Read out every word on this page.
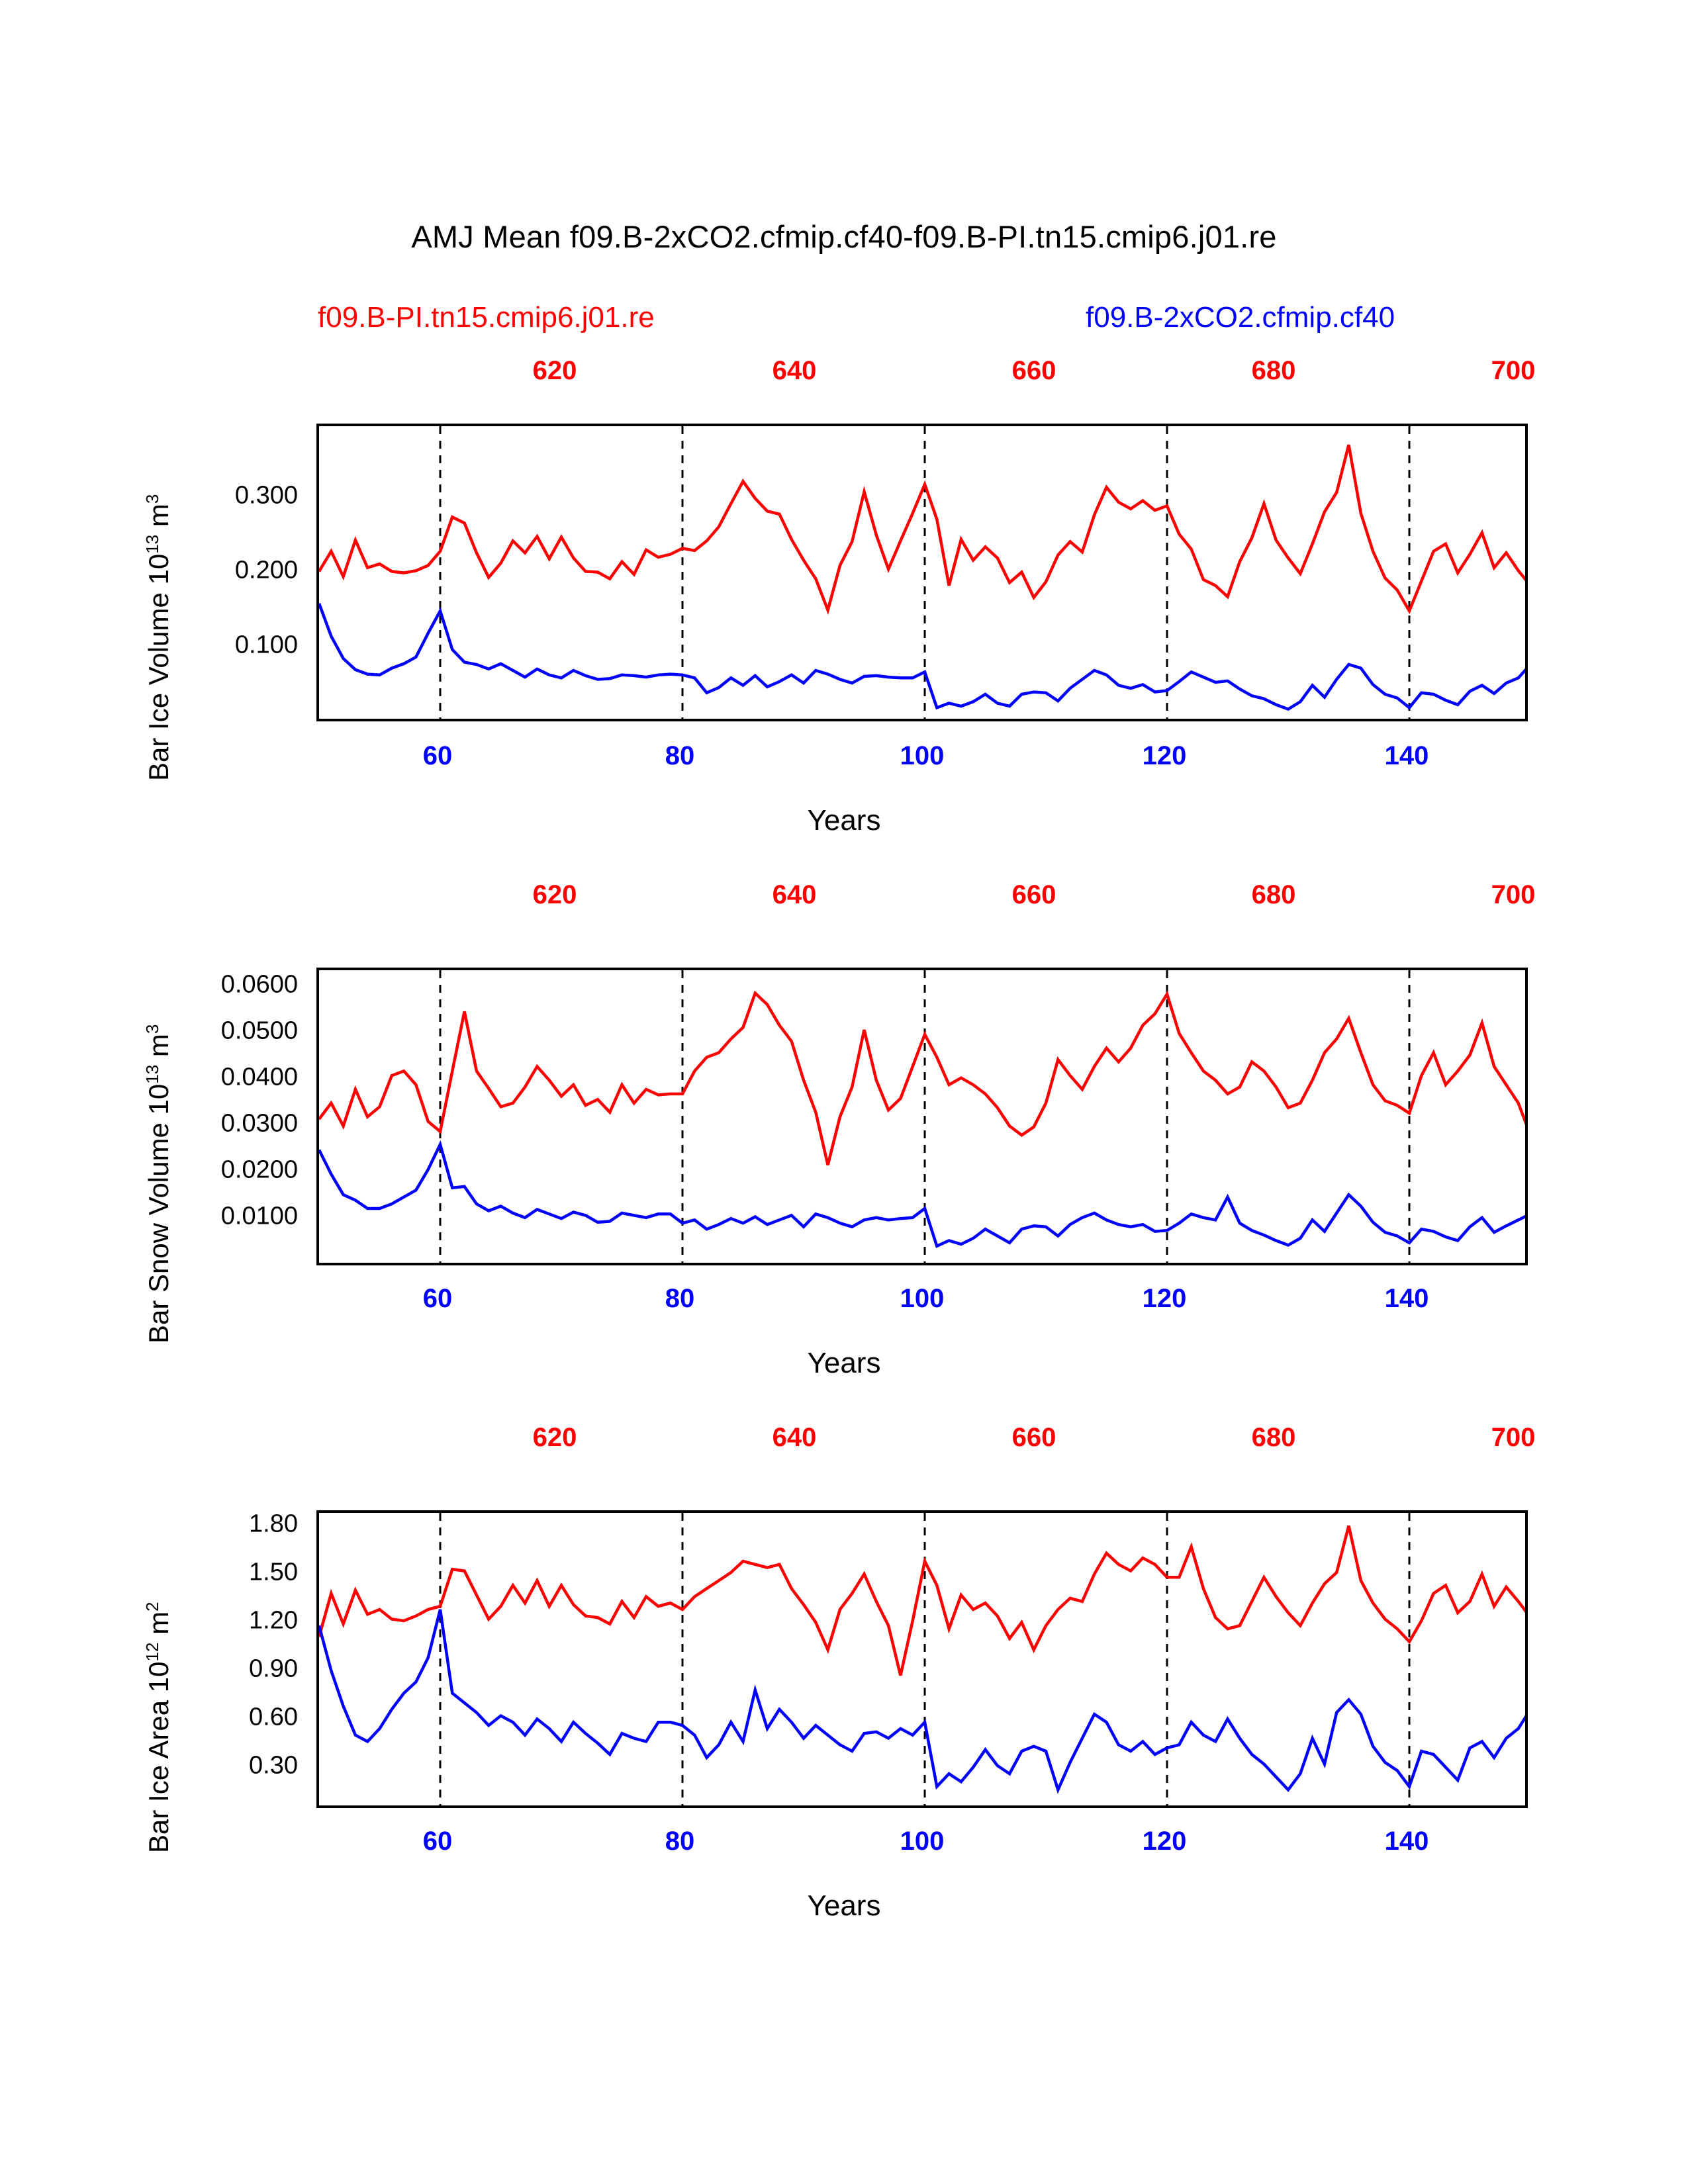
AMJ Mean f09.B-2xCO2.cfmip.cf40-f09.B-PI.tn15.cmip6.j01.re
f09.B-PI.tn15.cmip6.j01.re	f09.B-2xCO2.cfmip.cf40
620	640	660	680	700
0.100
0.200
0.300
Bar Ice Volume $10^{13}$ $m^3$
60	80	100	120	140
Years
620	640	660	680	700
0.0100
0.0200
0.0300
0.0400
0.0500
0.0600
Bar Snow Volume $10^{13}$ $m^3$
60	80	100	120	140
Years
620	640	660	680	700
0.30
0.60
0.90
1.20
1.50
1.80
Bar Ice Area $10^{12}$ $m^2$
60	80	100	120	140
Years
